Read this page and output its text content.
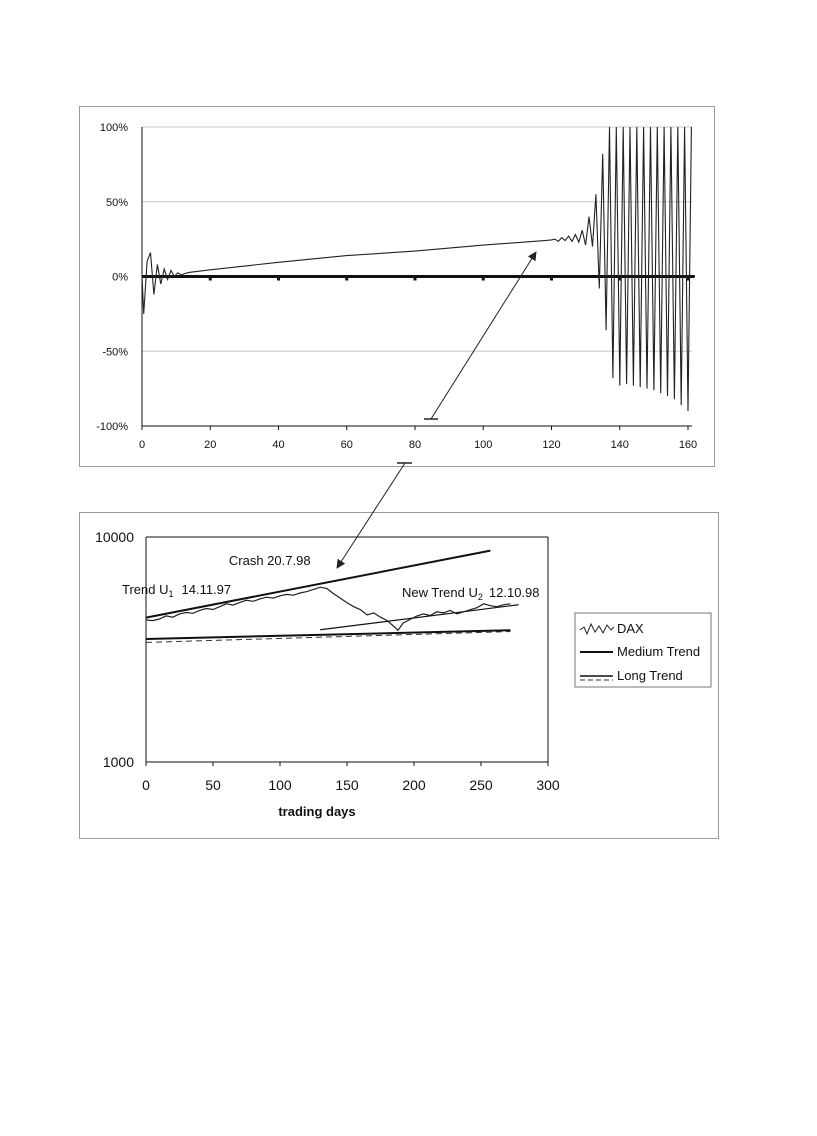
-100%
-50%
0%
50%
100%
0	20	40	60	80	100	120	140	160
0	50	100	150	200	250	300
1000
10000
trading days
Crash 20.7.98
Trend $U_1$ 14.11.97	New Trend $U_2$ 12.10.98
DAX
Medium Trend
Long Trend
